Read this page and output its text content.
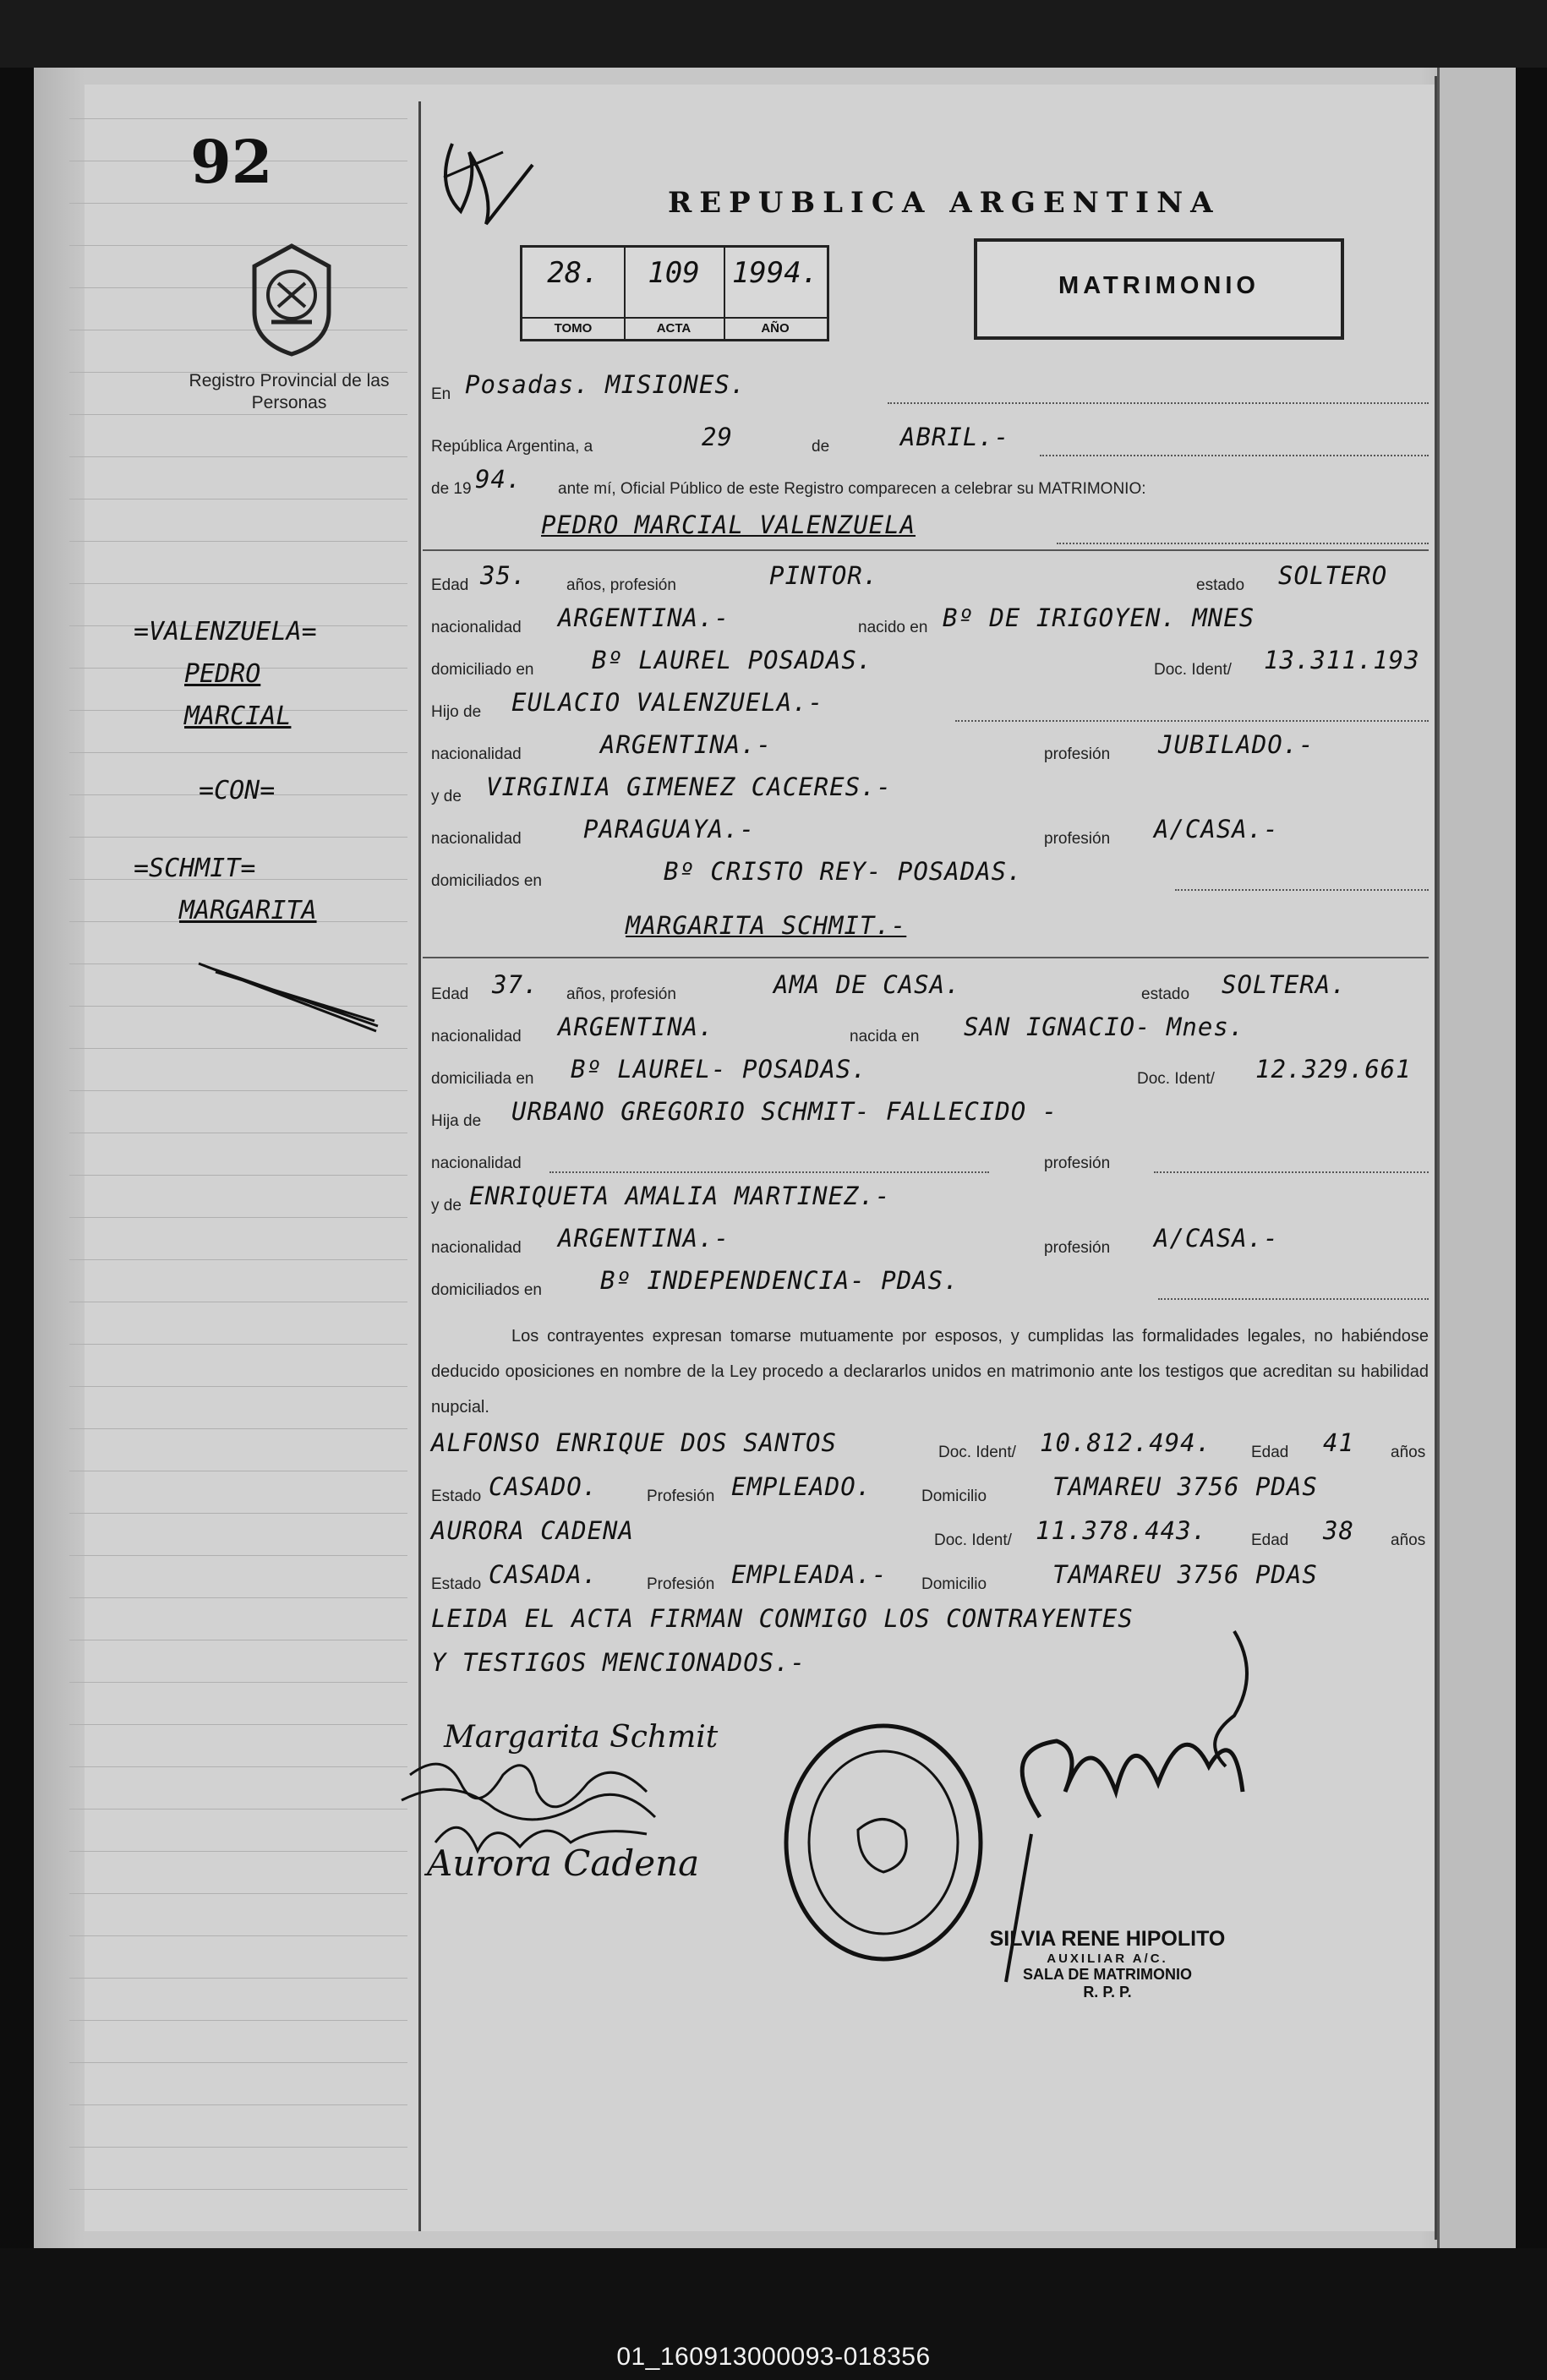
92
Registro Provincial de las Personas
REPUBLICA ARGENTINA
28.
TOMO
109
ACTA
1994.
AÑO
MATRIMONIO
En Posadas. MISIONES.
República Argentina, a	29	de	ABRIL.-
de 19 94. ante mí, Oficial Público de este Registro comparecen a celebrar su MATRIMONIO:
PEDRO MARCIAL VALENZUELA
Edad 35. años, profesión	PINTOR.	estado SOLTERO
nacionalidad ARGENTINA.-	nacido en Bº DE IRIGOYEN. MNES
domiciliado en Bº LAUREL POSADAS.	Doc. Ident/ 13.311.193
Hijo de EULACIO VALENZUELA.-
nacionalidad	ARGENTINA.-	profesión JUBILADO.-
y de VIRGINIA GIMENEZ CACERES.-
nacionalidad	PARAGUAYA.-	profesión A/CASA.-
domiciliados en	Bº CRISTO REY- POSADAS.
MARGARITA SCHMIT.-
Edad 37. años, profesión	AMA DE CASA.	estado SOLTERA.
nacionalidad ARGENTINA.	nacida en SAN IGNACIO- Mnes.
domiciliada en Bº LAUREL- POSADAS.	Doc. Ident/ 12.329.661
Hija de URBANO GREGORIO SCHMIT- FALLECIDO -
nacionalidad	profesión
y de ENRIQUETA AMALIA MARTINEZ.-
nacionalidad ARGENTINA.-	profesión A/CASA.-
domiciliados en Bº INDEPENDENCIA- PDAS.
Los contrayentes expresan tomarse mutuamente por esposos, y cumplidas las formalidades legales, no habiéndose deducido oposiciones en nombre de la Ley procedo a declararlos unidos en matrimonio ante los testigos que acreditan su habilidad nupcial.
ALFONSO ENRIQUE DOS SANTOS	Doc. Ident/ 10.812.494. Edad 41 años
Estado CASADO.	Profesión EMPLEADO.	Domicilio	TAMAREU 3756 PDAS
AURORA CADENA	Doc. Ident/ 11.378.443.	Edad 38 años
Estado CASADA.	Profesión EMPLEADA.- Domicilio	TAMAREU 3756 PDAS
LEIDA EL ACTA FIRMAN CONMIGO LOS CONTRAYENTES
Y TESTIGOS MENCIONADOS.-
=VALENZUELA=
PEDRO
MARCIAL
=CON=
=SCHMIT=
MARGARITA
Margarita Schmit
Aurora Cadena
SILVIA RENE HIPOLITO
AUXILIAR A/C.
SALA DE MATRIMONIO
R. P. P.
01_160913000093-018356
